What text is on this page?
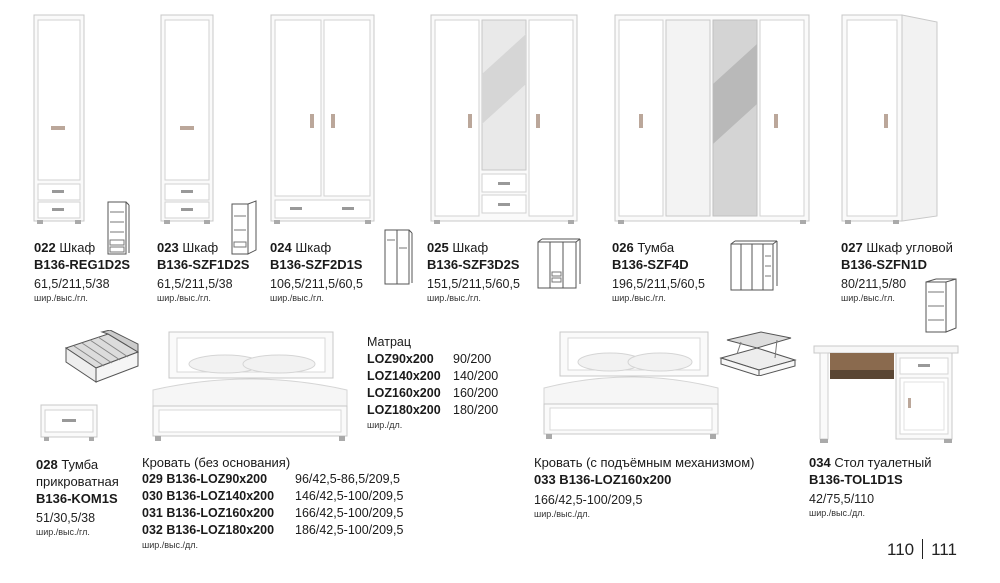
022 Шкаф
B136-REG1D2S
61,5/211,5/38
шир./выс./гл.
023 Шкаф
B136-SZF1D2S
61,5/211,5/38
шир./выс./гл.
024 Шкаф
B136-SZF2D1S
106,5/211,5/60,5
шир./выс./гл.
025 Шкаф
B136-SZF3D2S
151,5/211,5/60,5
шир./выс./гл.
026 Тумба
B136-SZF4D
196,5/211,5/60,5
шир./выс./гл.
027 Шкаф угловой
B136-SZFN1D
80/211,5/80
шир./выс./гл.
028 Тумба
прикроватная
B136-KOM1S
51/30,5/38
шир./выс./гл.
Матрац
LOZ90x200 90/200
LOZ140x200 140/200
LOZ160x200 160/200
LOZ180x200 180/200
шир./дл.
Кровать (без основания)
029 B136-LOZ90x200 96/42,5-86,5/209,5
030 B136-LOZ140x200 146/42,5-100/209,5
031 B136-LOZ160x200 166/42,5-100/209,5
032 B136-LOZ180x200 186/42,5-100/209,5
шир./выс./дл.
Кровать (с подъёмным механизмом)
033 B136-LOZ160x200
166/42,5-100/209,5
шир./выс./дл.
034 Стол туалетный
B136-TOL1D1S
42/75,5/110
шир./выс./дл.
110 111
